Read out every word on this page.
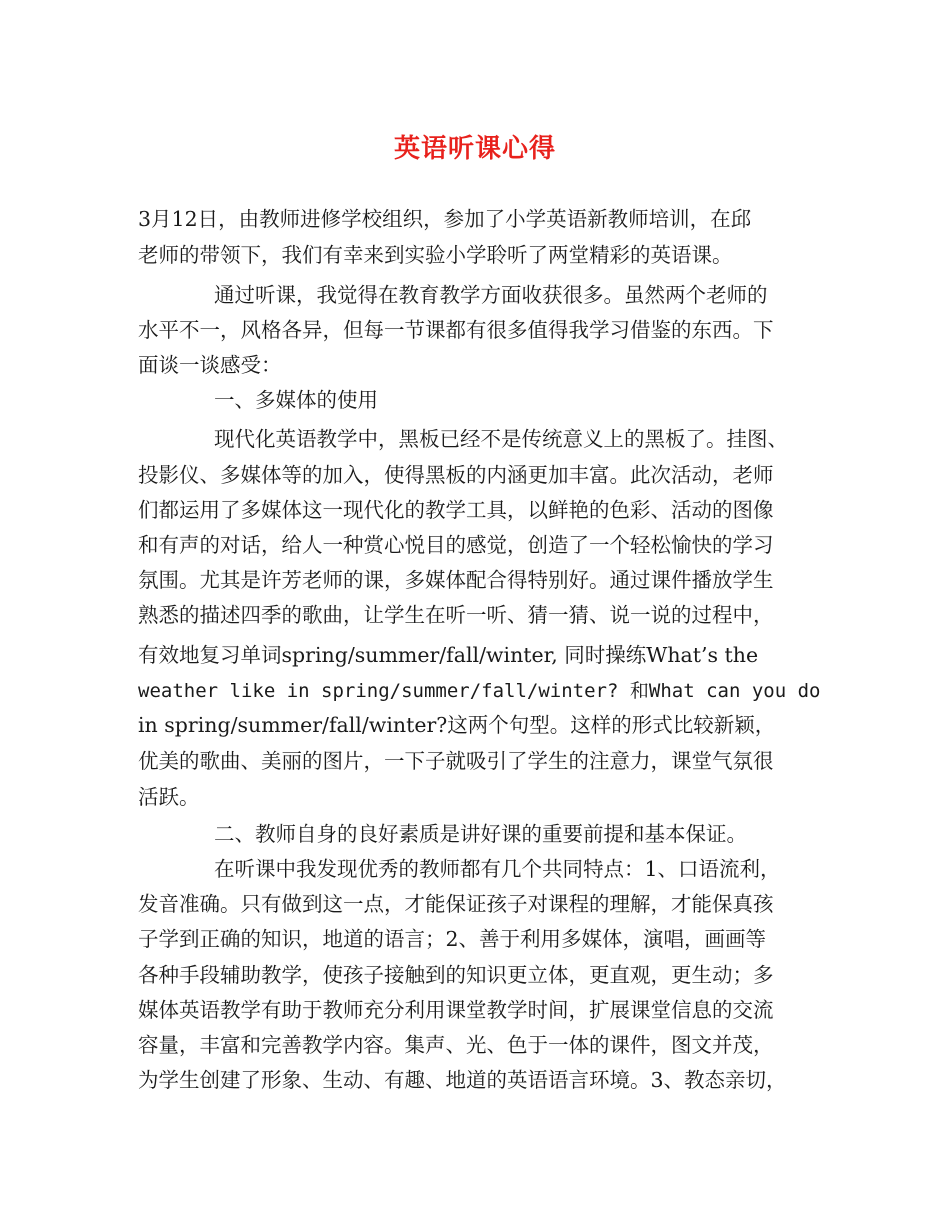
英语听课心得
3月12日，由教师进修学校组织，参加了小学英语新教师培训，在邱
老师的带领下，我们有幸来到实验小学聆听了两堂精彩的英语课。
通过听课，我觉得在教育教学方面收获很多。虽然两个老师的
水平不一，风格各异，但每一节课都有很多值得我学习借鉴的东西。下
面谈一谈感受：
一、多媒体的使用
现代化英语教学中，黑板已经不是传统意义上的黑板了。挂图、
投影仪、多媒体等的加入，使得黑板的内涵更加丰富。此次活动，老师
们都运用了多媒体这一现代化的教学工具，以鲜艳的色彩、活动的图像
和有声的对话，给人一种赏心悦目的感觉，创造了一个轻松愉快的学习
氛围。尤其是许芳老师的课，多媒体配合得特别好。通过课件播放学生
熟悉的描述四季的歌曲，让学生在听一听、猜一猜、说一说的过程中，
有效地复习单词spring/summer/fall/winter, 同时操练What’s the
weather like in spring/summer/fall/winter? 和What can you do
in spring/summer/fall/winter?这两个句型。这样的形式比较新颖，
优美的歌曲、美丽的图片，一下子就吸引了学生的注意力，课堂气氛很
活跃。
二、教师自身的良好素质是讲好课的重要前提和基本保证。
在听课中我发现优秀的教师都有几个共同特点：1、口语流利，
发音准确。只有做到这一点，才能保证孩子对课程的理解，才能保真孩
子学到正确的知识，地道的语言；2、善于利用多媒体，演唱，画画等
各种手段辅助教学，使孩子接触到的知识更立体，更直观，更生动；多
媒体英语教学有助于教师充分利用课堂教学时间，扩展课堂信息的交流
容量，丰富和完善教学内容。集声、光、色于一体的课件，图文并茂，
为学生创建了形象、生动、有趣、地道的英语语言环境。3、教态亲切，
